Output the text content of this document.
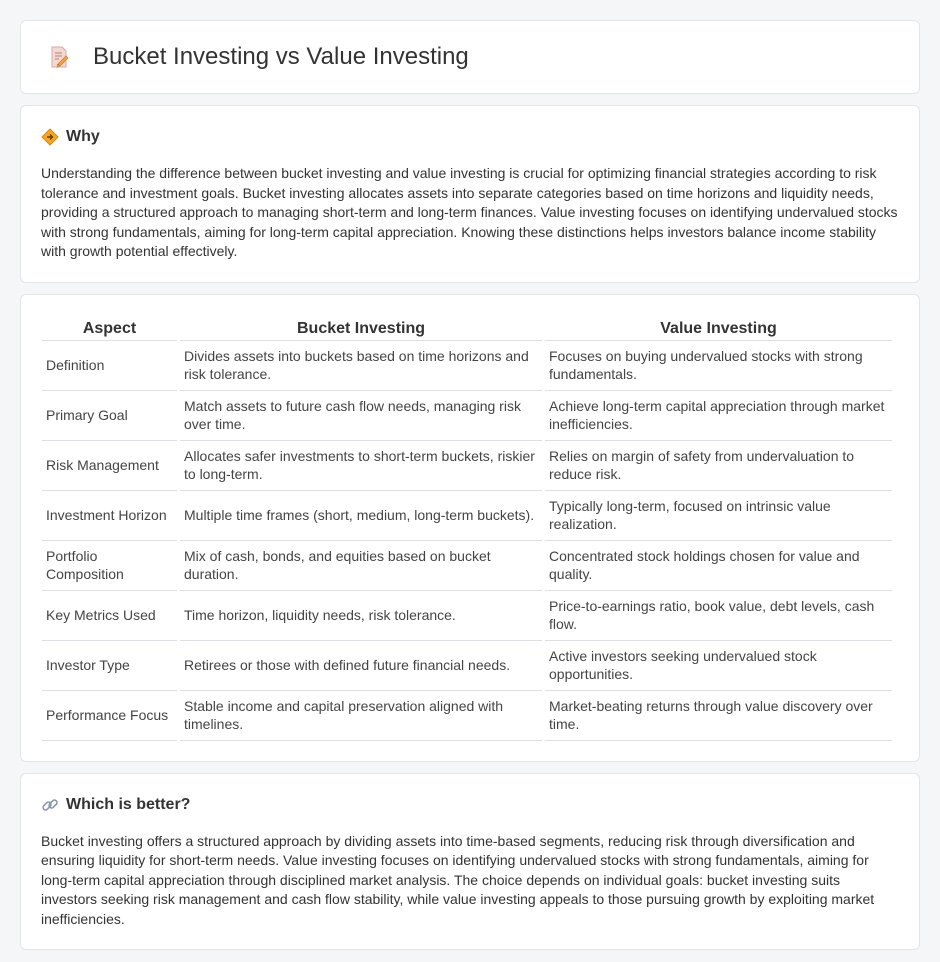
Bucket Investing vs Value Investing
Why

Understanding the difference between bucket investing and value investing is crucial for optimizing financial strategies according to risk tolerance and investment goals. Bucket investing allocates assets into separate categories based on time horizons and liquidity needs, providing a structured approach to managing short-term and long-term finances. Value investing focuses on identifying undervalued stocks with strong fundamentals, aiming for long-term capital appreciation. Knowing these distinctions helps investors balance income stability with growth potential effectively.

Aspect	Bucket Investing	Value Investing
Definition	Divides assets into buckets based on time horizons and risk tolerance.	Focuses on buying undervalued stocks with strong fundamentals.
Primary Goal	Match assets to future cash flow needs, managing risk over time.	Achieve long-term capital appreciation through market inefficiencies.
Risk Management	Allocates safer investments to short-term buckets, riskier to long-term.	Relies on margin of safety from undervaluation to reduce risk.
Investment Horizon	Multiple time frames (short, medium, long-term buckets).	Typically long-term, focused on intrinsic value realization.
Portfolio Composition	Mix of cash, bonds, and equities based on bucket duration.	Concentrated stock holdings chosen for value and quality.
Key Metrics Used	Time horizon, liquidity needs, risk tolerance.	Price-to-earnings ratio, book value, debt levels, cash flow.
Investor Type	Retirees or those with defined future financial needs.	Active investors seeking undervalued stock opportunities.
Performance Focus	Stable income and capital preservation aligned with timelines.	Market-beating returns through value discovery over time.
Which is better?

Bucket investing offers a structured approach by dividing assets into time-based segments, reducing risk through diversification and ensuring liquidity for short-term needs. Value investing focuses on identifying undervalued stocks with strong fundamentals, aiming for long-term capital appreciation through disciplined market analysis. The choice depends on individual goals: bucket investing suits investors seeking risk management and cash flow stability, while value investing appeals to those pursuing growth by exploiting market inefficiencies.
